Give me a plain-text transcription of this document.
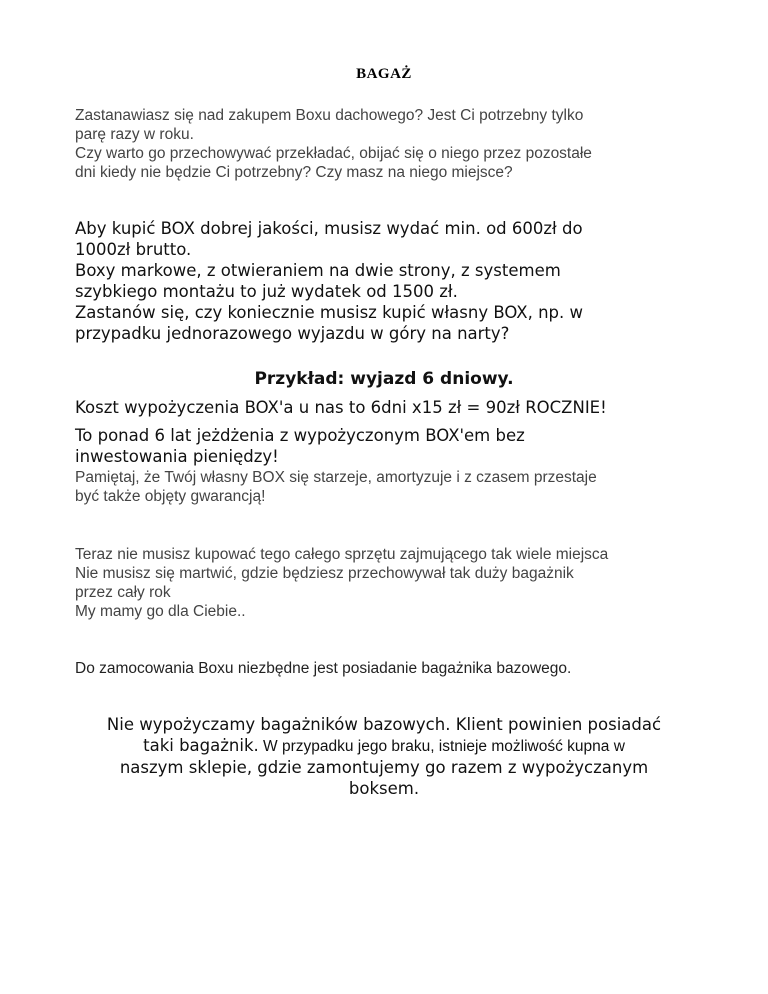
BAGAŻ
Zastanawiasz się nad zakupem Boxu dachowego? Jest Ci potrzebny tylko
parę razy w roku.
Czy warto go przechowywać przekładać, obijać się o niego przez pozostałe
dni kiedy nie będzie Ci potrzebny? Czy masz na niego miejsce?
Aby kupić BOX dobrej jakości, musisz wydać min. od 600zł do
1000zł brutto.
Boxy markowe, z otwieraniem na dwie strony, z systemem
szybkiego montażu to już wydatek od 1500 zł.
Zastanów się, czy koniecznie musisz kupić własny BOX, np. w
przypadku jednorazowego wyjazdu w góry na narty?
Przykład: wyjazd 6 dniowy.
Koszt wypożyczenia BOX'a u nas to 6dni x15 zł = 90zł ROCZNIE!
To ponad 6 lat jeżdżenia z wypożyczonym BOX'em bez
inwestowania pieniędzy!
Pamiętaj, że Twój własny BOX się starzeje, amortyzuje i z czasem przestaje
być także objęty gwarancją!
Teraz nie musisz kupować tego całego sprzętu zajmującego tak wiele miejsca
Nie musisz się martwić, gdzie będziesz przechowywał tak duży bagażnik
przez cały rok
My mamy go dla Ciebie..
Do zamocowania Boxu niezbędne jest posiadanie bagażnika bazowego.
Nie wypożyczamy bagażników bazowych. Klient powinien posiadać
taki bagażnik. W przypadku jego braku, istnieje możliwość kupna w
naszym sklepie, gdzie zamontujemy go razem z wypożyczanym
boksem.
